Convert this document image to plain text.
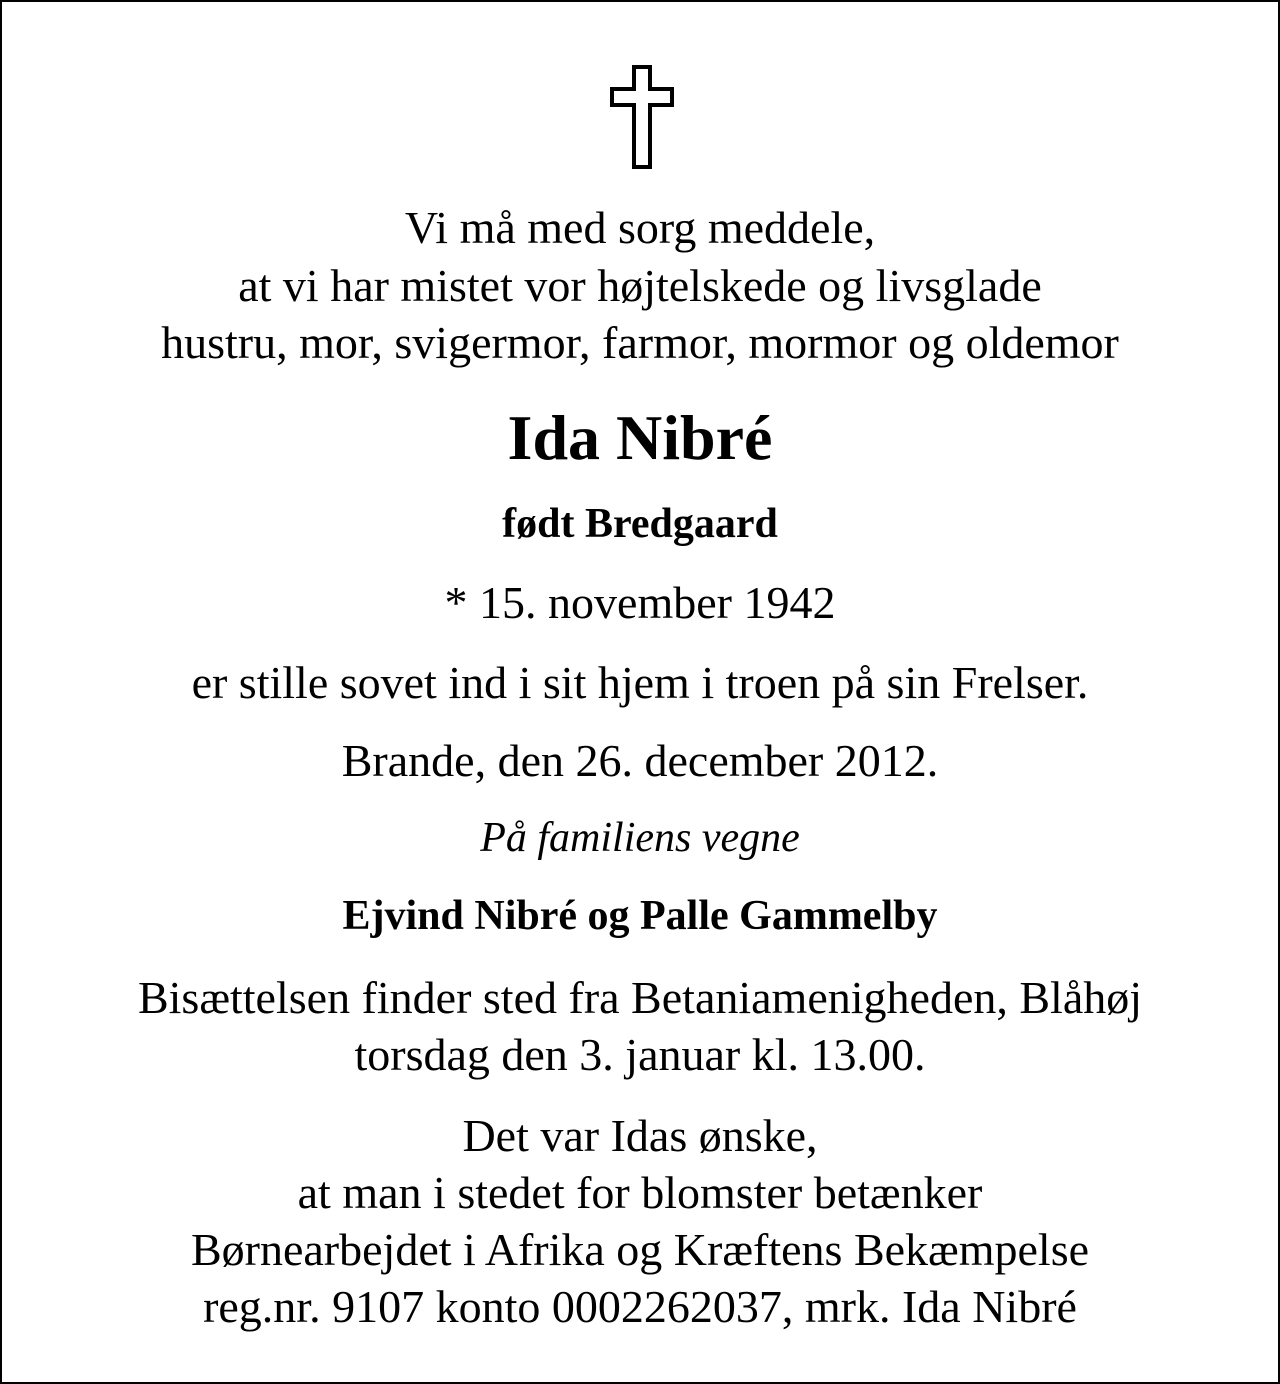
Vi må med sorg meddele,
at vi har mistet vor højtelskede og livsglade
hustru, mor, svigermor, farmor, mormor og oldemor
Ida Nibré
født Bredgaard
* 15. november 1942
er stille sovet ind i sit hjem i troen på sin Frelser.
Brande, den 26. december 2012.
På familiens vegne
Ejvind Nibré og Palle Gammelby
Bisættelsen finder sted fra Betaniamenigheden, Blåhøj
torsdag den 3. januar kl. 13.00.
Det var Idas ønske,
at man i stedet for blomster betænker
Børnearbejdet i Afrika og Kræftens Bekæmpelse
reg.nr. 9107 konto 0002262037, mrk. Ida Nibré
